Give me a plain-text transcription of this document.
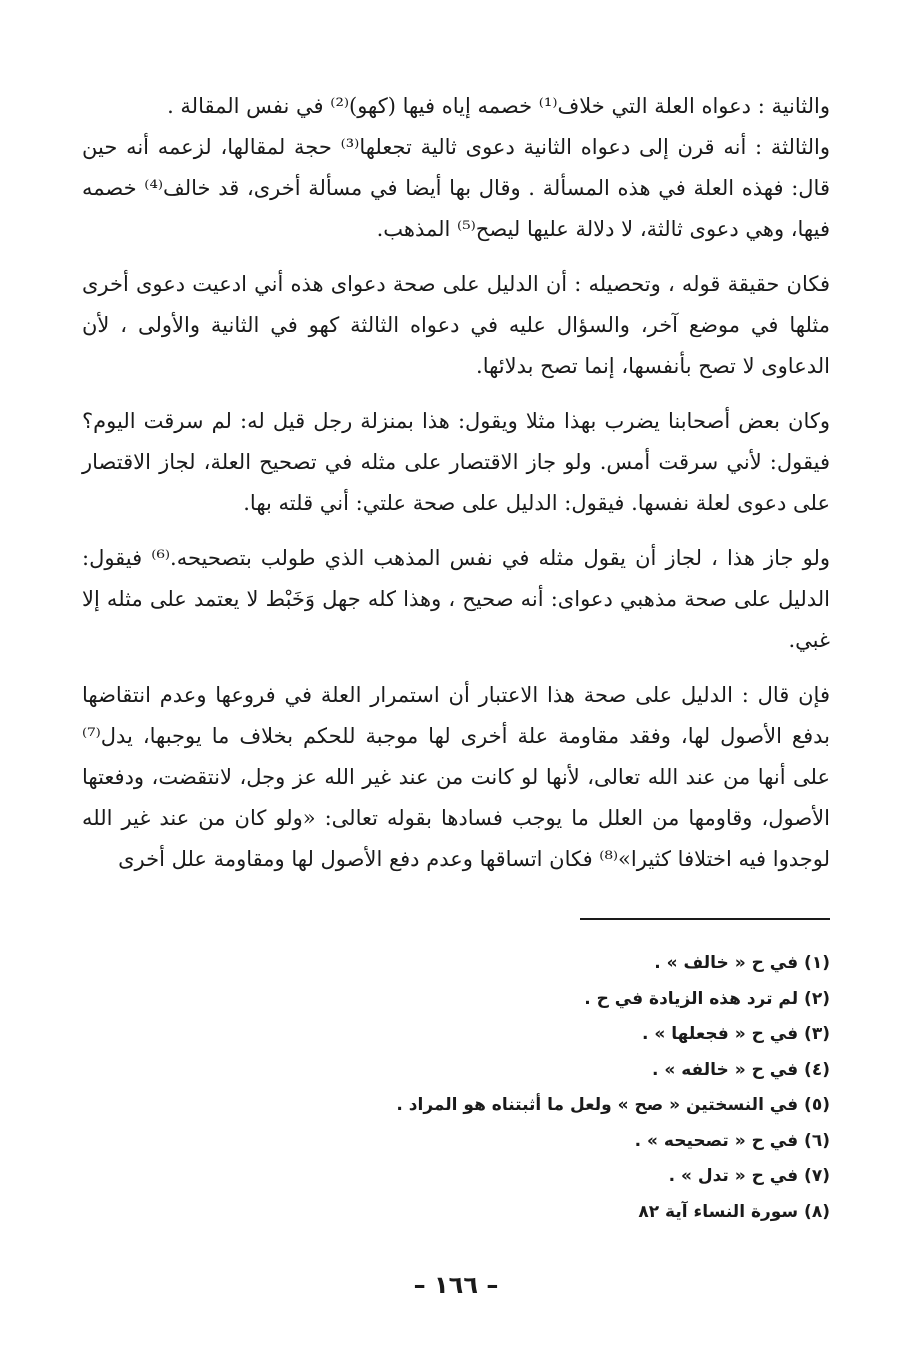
والثانية : دعواه العلة التي خلاف⁽¹⁾ خصمه إياه فيها (كهو)⁽²⁾ في نفس المقالة .

والثالثة : أنه قرن إلى دعواه الثانية دعوى ثالية تجعلها⁽³⁾ حجة لمقالها، لزعمه أنه حين قال: فهذه العلة في هذه المسألة . وقال بها أيضا في مسألة أخرى، قد خالف⁽⁴⁾ خصمه فيها، وهي دعوى ثالثة، لا دلالة عليها ليصح⁽⁵⁾ المذهب.

فكان حقيقة قوله ، وتحصيله : أن الدليل على صحة دعواى هذه أني ادعيت دعوى أخرى مثلها في موضع آخر، والسؤال عليه في دعواه الثالثة كهو في الثانية والأولى ، لأن الدعاوى لا تصح بأنفسها، إنما تصح بدلائها.

وكان بعض أصحابنا يضرب بهذا مثلا ويقول: هذا بمنزلة رجل قيل له: لم سرقت اليوم؟ فيقول: لأني سرقت أمس. ولو جاز الاقتصار على مثله في تصحيح العلة، لجاز الاقتصار على دعوى لعلة نفسها. فيقول: الدليل على صحة علتي: أني قلته بها.

ولو جاز هذا ، لجاز أن يقول مثله في نفس المذهب الذي طولب بتصحيحه.⁽⁶⁾ فيقول: الدليل على صحة مذهبي دعواى: أنه صحيح ، وهذا كله جهل وَخَبْط لا يعتمد على مثله إلا غبي.

فإن قال : الدليل على صحة هذا الاعتبار أن استمرار العلة في فروعها وعدم انتقاضها بدفع الأصول لها، وفقد مقاومة علة أخرى لها موجبة للحكم بخلاف ما يوجبها، يدل⁽⁷⁾ على أنها من عند الله تعالى، لأنها لو كانت من عند غير الله عز وجل، لانتقضت، ودفعتها الأصول، وقاومها من العلل ما يوجب فسادها بقوله تعالى: «ولو كان من عند غير الله لوجدوا فيه اختلافا كثيرا»⁽⁸⁾ فكان اتساقها وعدم دفع الأصول لها ومقاومة علل أخرى

(١) في ح « خالف » .
(٢) لم ترد هذه الزيادة في ح .
(٣) في ح « فجعلها » .
(٤) في ح « خالفه » .
(٥) في النسختين « صح » ولعل ما أثبتناه هو المراد .
(٦) في ح « تصحيحه » .
(٧) في ح « تدل » .
(٨) سورة النساء آية ٨٢
– ١٦٦ –
